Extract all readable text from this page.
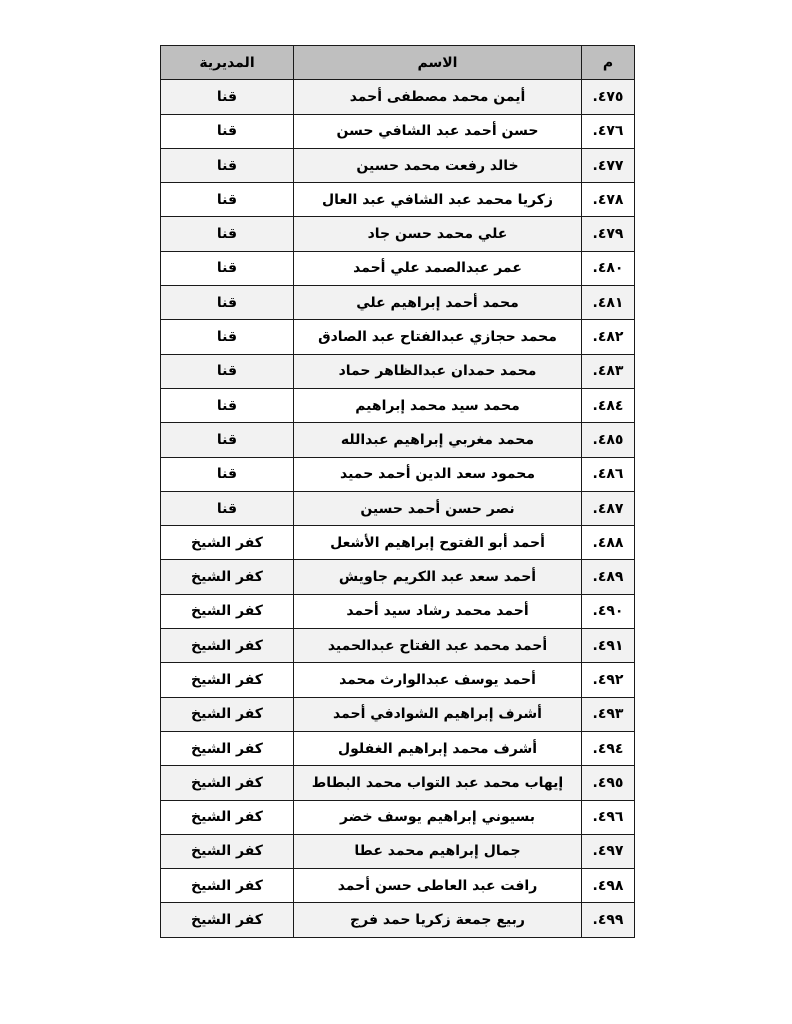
م	الاسم	المديرية
٤٧٥.	أيمن محمد مصطفى أحمد	قنا
٤٧٦.	حسن أحمد عبد الشافي حسن	قنا
٤٧٧.	خالد رفعت محمد حسين	قنا
٤٧٨.	زكريا محمد عبد الشافي عبد العال	قنا
٤٧٩.	علي محمد حسن جاد	قنا
٤٨٠.	عمر عبدالصمد علي أحمد	قنا
٤٨١.	محمد أحمد إبراهيم علي	قنا
٤٨٢.	محمد حجازي عبدالفتاح عبد الصادق	قنا
٤٨٣.	محمد حمدان عبدالظاهر حماد	قنا
٤٨٤.	محمد سيد محمد إبراهيم	قنا
٤٨٥.	محمد مغربي إبراهيم عبدالله	قنا
٤٨٦.	محمود سعد الدين أحمد حميد	قنا
٤٨٧.	نصر حسن أحمد حسين	قنا
٤٨٨.	أحمد أبو الفتوح إبراهيم الأشعل	كفر الشيخ
٤٨٩.	أحمد سعد عبد الكريم جاويش	كفر الشيخ
٤٩٠.	أحمد محمد رشاد سيد أحمد	كفر الشيخ
٤٩١.	أحمد محمد عبد الفتاح عبدالحميد	كفر الشيخ
٤٩٢.	أحمد يوسف عبدالوارث محمد	كفر الشيخ
٤٩٣.	أشرف إبراهيم الشوادفي أحمد	كفر الشيخ
٤٩٤.	أشرف محمد إبراهيم الغفلول	كفر الشيخ
٤٩٥.	إيهاب محمد عبد التواب محمد البطاط	كفر الشيخ
٤٩٦.	بسيوني إبراهيم يوسف خضر	كفر الشيخ
٤٩٧.	جمال إبراهيم محمد عطا	كفر الشيخ
٤٩٨.	رافت عبد العاطى حسن أحمد	كفر الشيخ
٤٩٩.	ربيع جمعة زكريا حمد فرج	كفر الشيخ
